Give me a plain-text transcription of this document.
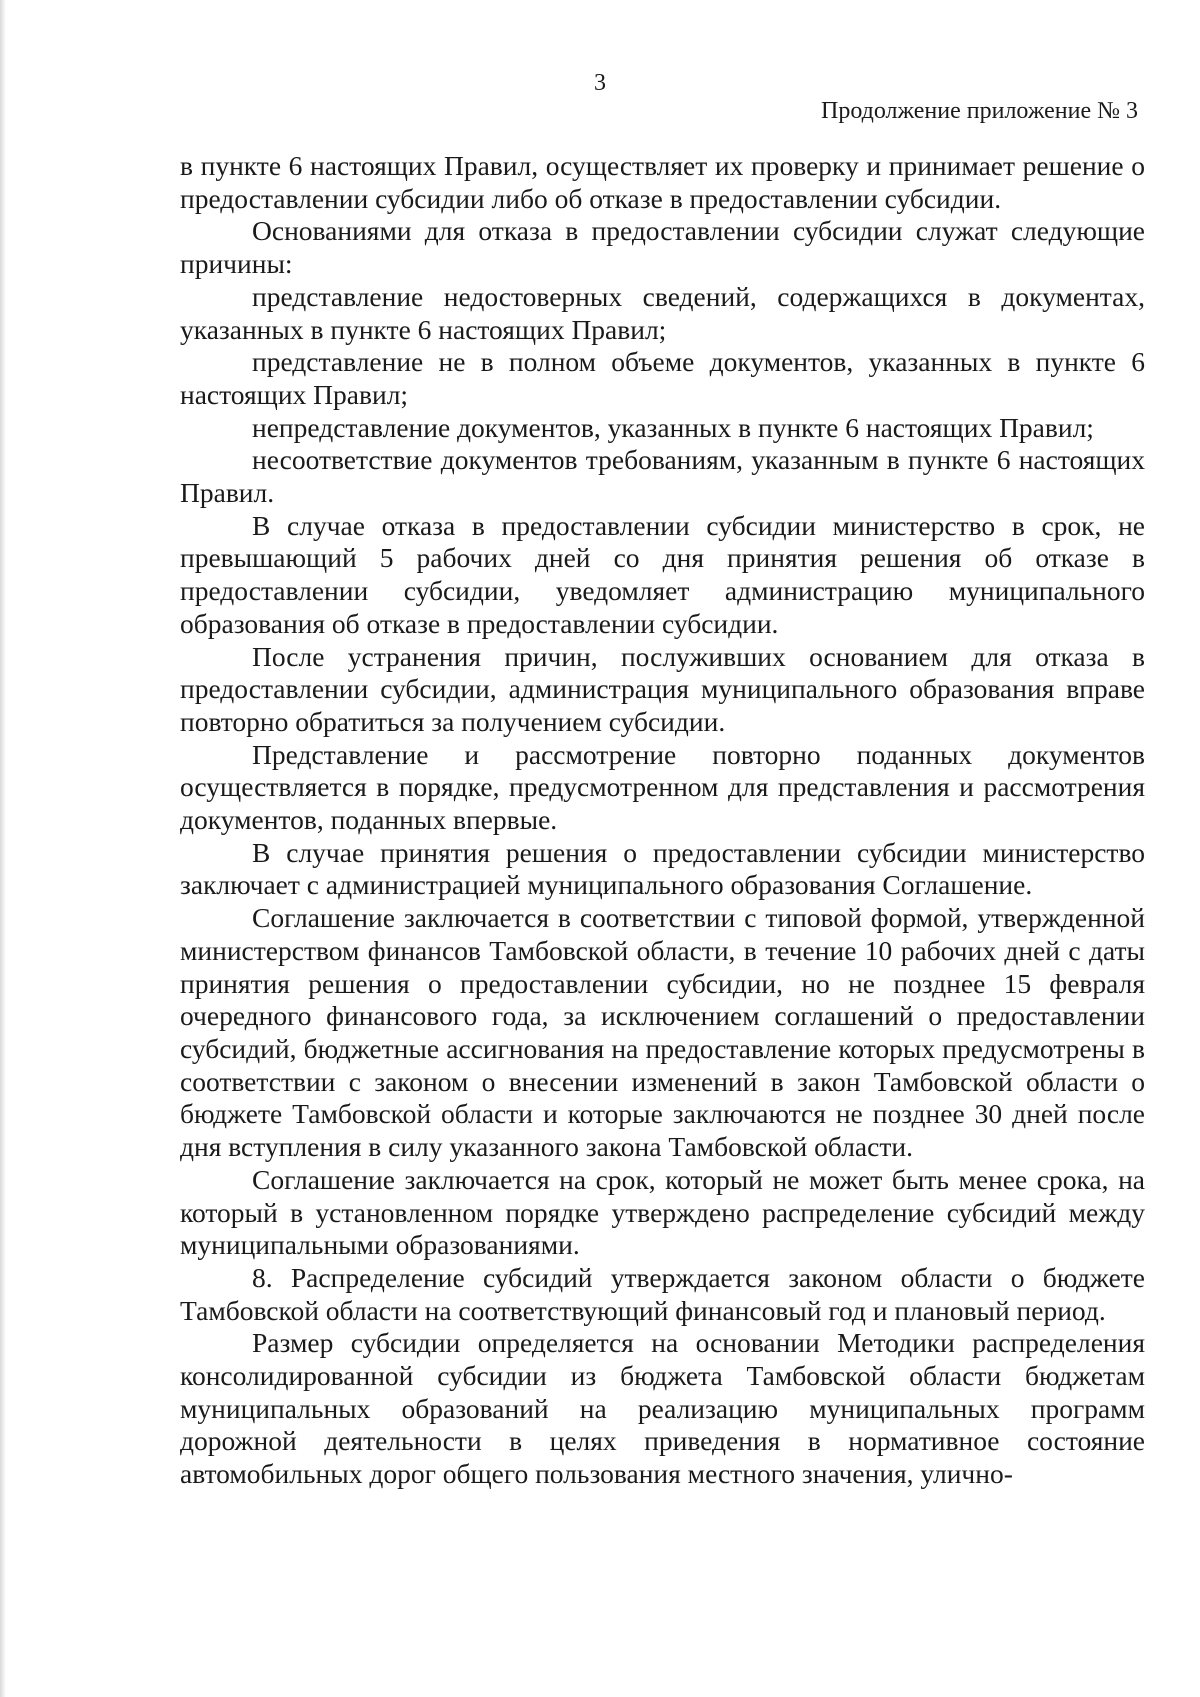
3
Продолжение приложение № 3

в пункте 6 настоящих Правил, осуществляет их проверку и принимает решение о предоставлении субсидии либо об отказе в предоставлении субсидии.

Основаниями для отказа в предоставлении субсидии служат следующие причины:

представление недостоверных сведений, содержащихся в документах, указанных в пункте 6 настоящих Правил;

представление не в полном объеме документов, указанных в пункте 6 настоящих Правил;

непредставление документов, указанных в пункте 6 настоящих Правил;

несоответствие документов требованиям, указанным в пункте 6 настоящих Правил.

В случае отказа в предоставлении субсидии министерство в срок, не превышающий 5 рабочих дней со дня принятия решения об отказе в предоставлении субсидии, уведомляет администрацию муниципального образования об отказе в предоставлении субсидии.

После устранения причин, послуживших основанием для отказа в предоставлении субсидии, администрация муниципального образования вправе повторно обратиться за получением субсидии.

Представление и рассмотрение повторно поданных документов осуществляется в порядке, предусмотренном для представления и рассмотрения документов, поданных впервые.

В случае принятия решения о предоставлении субсидии министерство заключает с администрацией муниципального образования Соглашение.

Соглашение заключается в соответствии с типовой формой, утвержденной министерством финансов Тамбовской области, в течение 10 рабочих дней с даты принятия решения о предоставлении субсидии, но не позднее 15 февраля очередного финансового года, за исключением соглашений о предоставлении субсидий, бюджетные ассигнования на предоставление которых предусмотрены в соответствии с законом о внесении изменений в закон Тамбовской области о бюджете Тамбовской области и которые заключаются не позднее 30 дней после дня вступления в силу указанного закона Тамбовской области.

Соглашение заключается на срок, который не может быть менее срока, на который в установленном порядке утверждено распределение субсидий между муниципальными образованиями.

8. Распределение субсидий утверждается законом области о бюджете Тамбовской области на соответствующий финансовый год и плановый период.

Размер субсидии определяется на основании Методики распределения консолидированной субсидии из бюджета Тамбовской области бюджетам муниципальных образований на реализацию муниципальных программ дорожной деятельности в целях приведения в нормативное состояние автомобильных дорог общего пользования местного значения, улично-
